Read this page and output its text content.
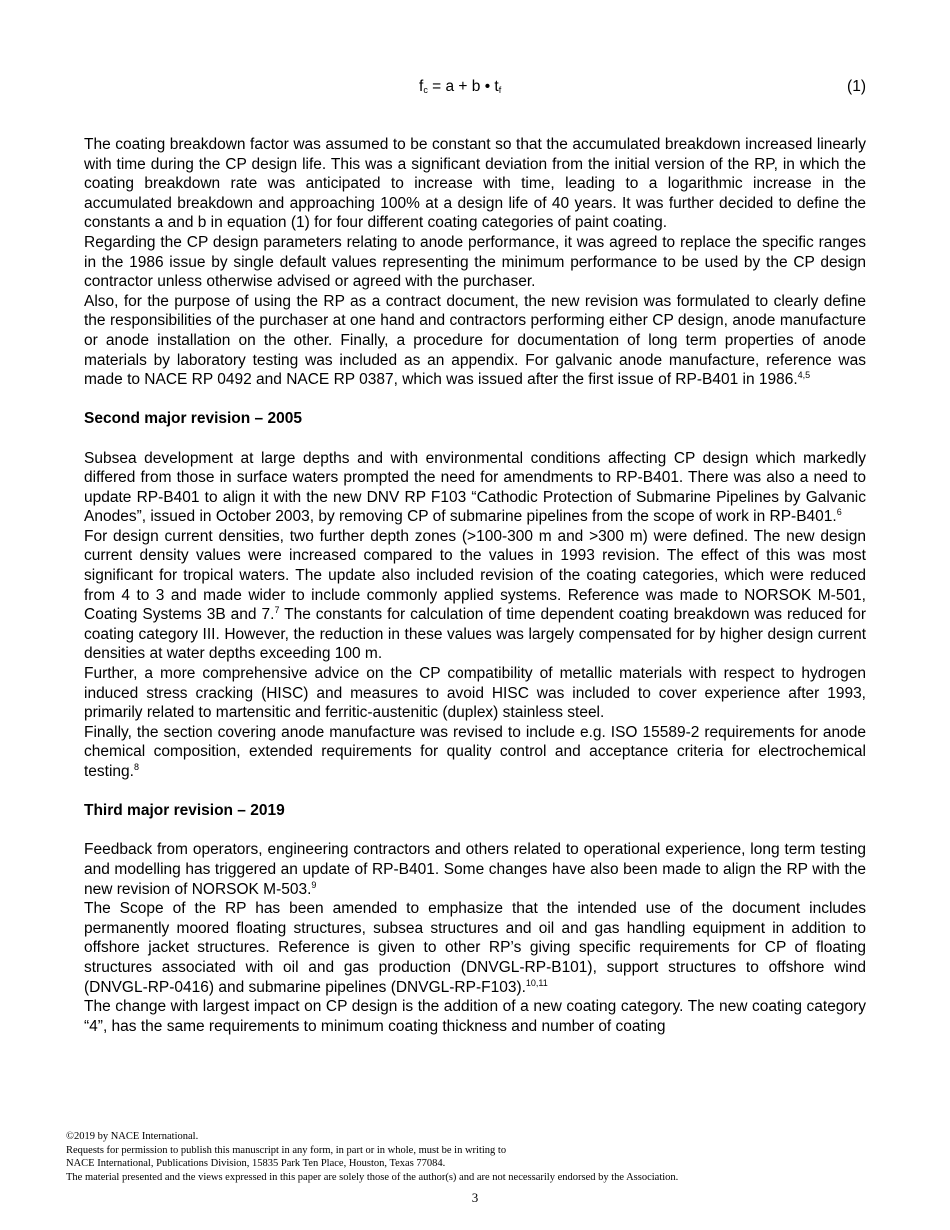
$f_c = a + b$ • $t_f$	(1)

The coating breakdown factor was assumed to be constant so that the accumulated breakdown increased linearly with time during the CP design life. This was a significant deviation from the initial version of the RP, in which the coating breakdown rate was anticipated to increase with time, leading to a logarithmic increase in the accumulated breakdown and approaching 100% at a design life of 40 years. It was further decided to define the constants a and b in equation (1) for four different coating categories of paint coating.

Regarding the CP design parameters relating to anode performance, it was agreed to replace the specific ranges in the 1986 issue by single default values representing the minimum performance to be used by the CP design contractor unless otherwise advised or agreed with the purchaser.

Also, for the purpose of using the RP as a contract document, the new revision was formulated to clearly define the responsibilities of the purchaser at one hand and contractors performing either CP design, anode manufacture or anode installation on the other. Finally, a procedure for documentation of long term properties of anode materials by laboratory testing was included as an appendix. For galvanic anode manufacture, reference was made to NACE RP 0492 and NACE RP 0387, which was issued after the first issue of RP-B401 in 1986.$^{4,5}$

Second major revision – 2005

Subsea development at large depths and with environmental conditions affecting CP design which markedly differed from those in surface waters prompted the need for amendments to RP-B401. There was also a need to update RP-B401 to align it with the new DNV RP F103 “Cathodic Protection of Submarine Pipelines by Galvanic Anodes”, issued in October 2003, by removing CP of submarine pipelines from the scope of work in RP-B401.$^6$

For design current densities, two further depth zones (>100-300 m and >300 m) were defined. The new design current density values were increased compared to the values in 1993 revision. The effect of this was most significant for tropical waters. The update also included revision of the coating categories, which were reduced from 4 to 3 and made wider to include commonly applied systems. Reference was made to NORSOK M-501, Coating Systems 3B and 7.$^7$ The constants for calculation of time dependent coating breakdown was reduced for coating category III. However, the reduction in these values was largely compensated for by higher design current densities at water depths exceeding 100 m.

Further, a more comprehensive advice on the CP compatibility of metallic materials with respect to hydrogen induced stress cracking (HISC) and measures to avoid HISC was included to cover experience after 1993, primarily related to martensitic and ferritic-austenitic (duplex) stainless steel.

Finally, the section covering anode manufacture was revised to include e.g. ISO 15589-2 requirements for anode chemical composition, extended requirements for quality control and acceptance criteria for electrochemical testing.$^8$

Third major revision – 2019

Feedback from operators, engineering contractors and others related to operational experience, long term testing and modelling has triggered an update of RP-B401. Some changes have also been made to align the RP with the new revision of NORSOK M-503.$^9$

The Scope of the RP has been amended to emphasize that the intended use of the document includes permanently moored floating structures, subsea structures and oil and gas handling equipment in addition to offshore jacket structures. Reference is given to other RP’s giving specific requirements for CP of floating structures associated with oil and gas production (DNVGL-RP-B101), support structures to offshore wind (DNVGL-RP-0416) and submarine pipelines (DNVGL-RP-F103).$^{10,11}$

The change with largest impact on CP design is the addition of a new coating category. The new coating category “4”, has the same requirements to minimum coating thickness and number of coating

©2019 by NACE International.
Requests for permission to publish this manuscript in any form, in part or in whole, must be in writing to
NACE International, Publications Division, 15835 Park Ten Place, Houston, Texas 77084.
The material presented and the views expressed in this paper are solely those of the author(s) and are not necessarily endorsed by the Association.
3
